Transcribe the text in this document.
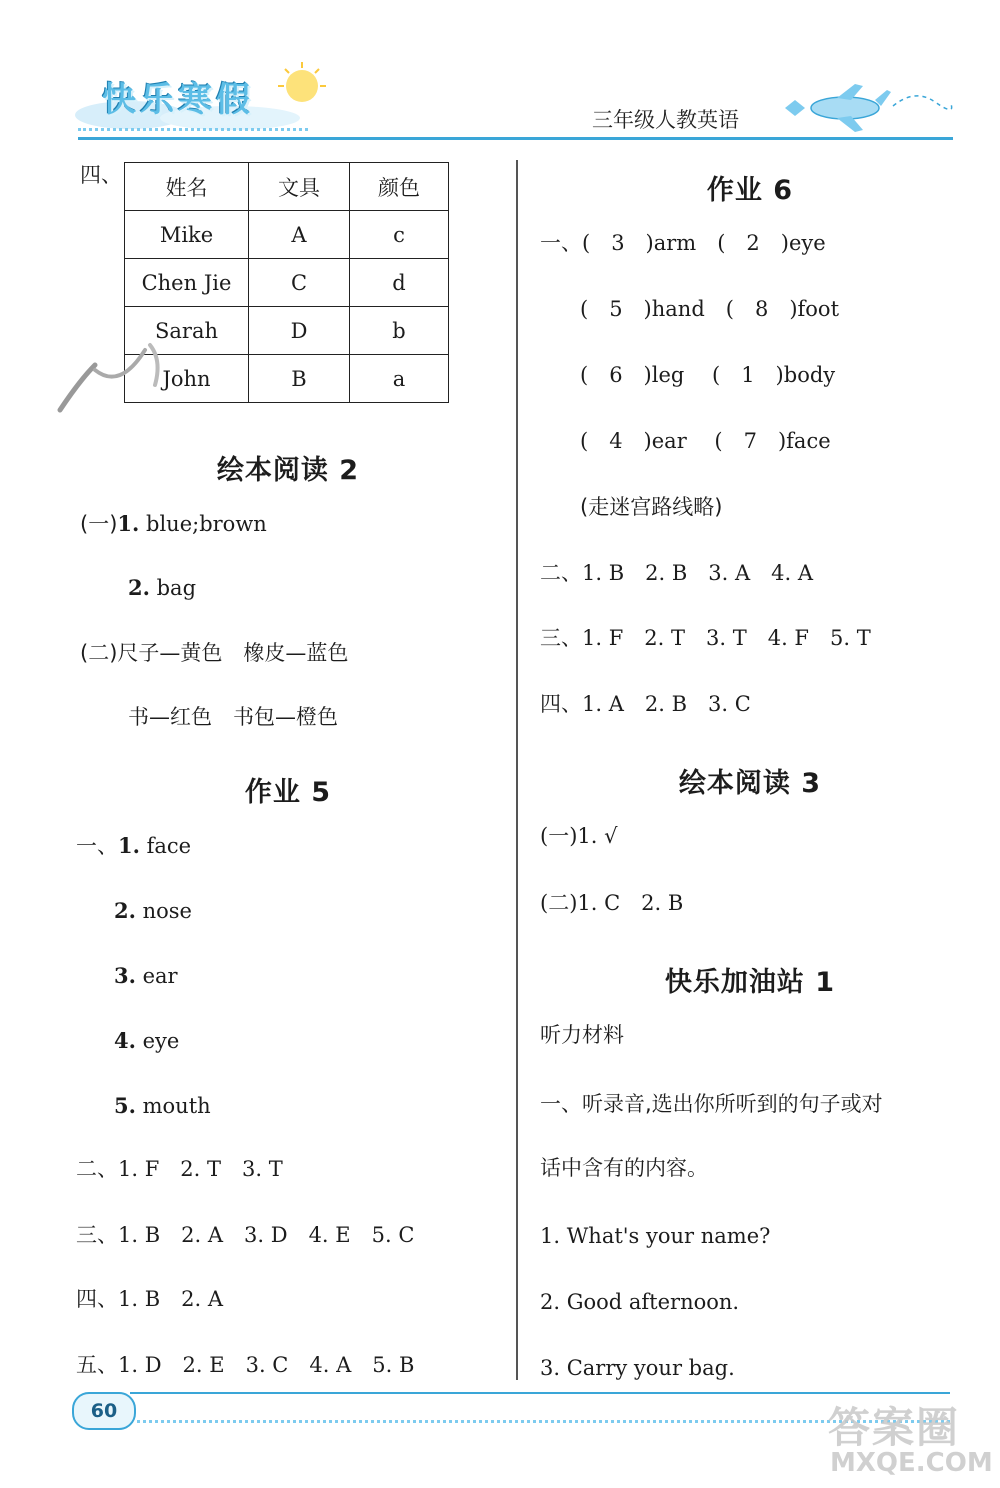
快乐寒假	三年级人教英语
四、
姓名	文具	颜色
Mike	A	c
Chen Jie	C	d
Sarah	D	b
John	B	a
绘本阅读 2
(一)1. blue;brown
2. bag
(二)尺子—黄色　橡皮—蓝色
书—红色　书包—橙色
作业 5
一、1. face
2. nose
3. ear
4. eye
5. mouth
二、1. F　2. T　3. T
三、1. B　2. A　3. D　4. E　5. C
四、1. B　2. A
五、1. D　2. E　3. C　4. A　5. B
作业 6
一、(　3　)arm　(　2　)eye
(　5　)hand　(　8　)foot
(　6　)leg　 (　1　)body
(　4　)ear　 (　7　)face
(走迷宫路线略)
二、1. B　2. B　3. A　4. A
三、1. F　2. T　3. T　4. F　5. T
四、1. A　2. B　3. C
绘本阅读 3
(一)1. √
(二)1. C　2. B
快乐加油站 1
听力材料
一、听录音,选出你所听到的句子或对
话中含有的内容。
1. What's your name?
2. Good afternoon.
3. Carry your bag.
60	答案圈
MXQE.COM
